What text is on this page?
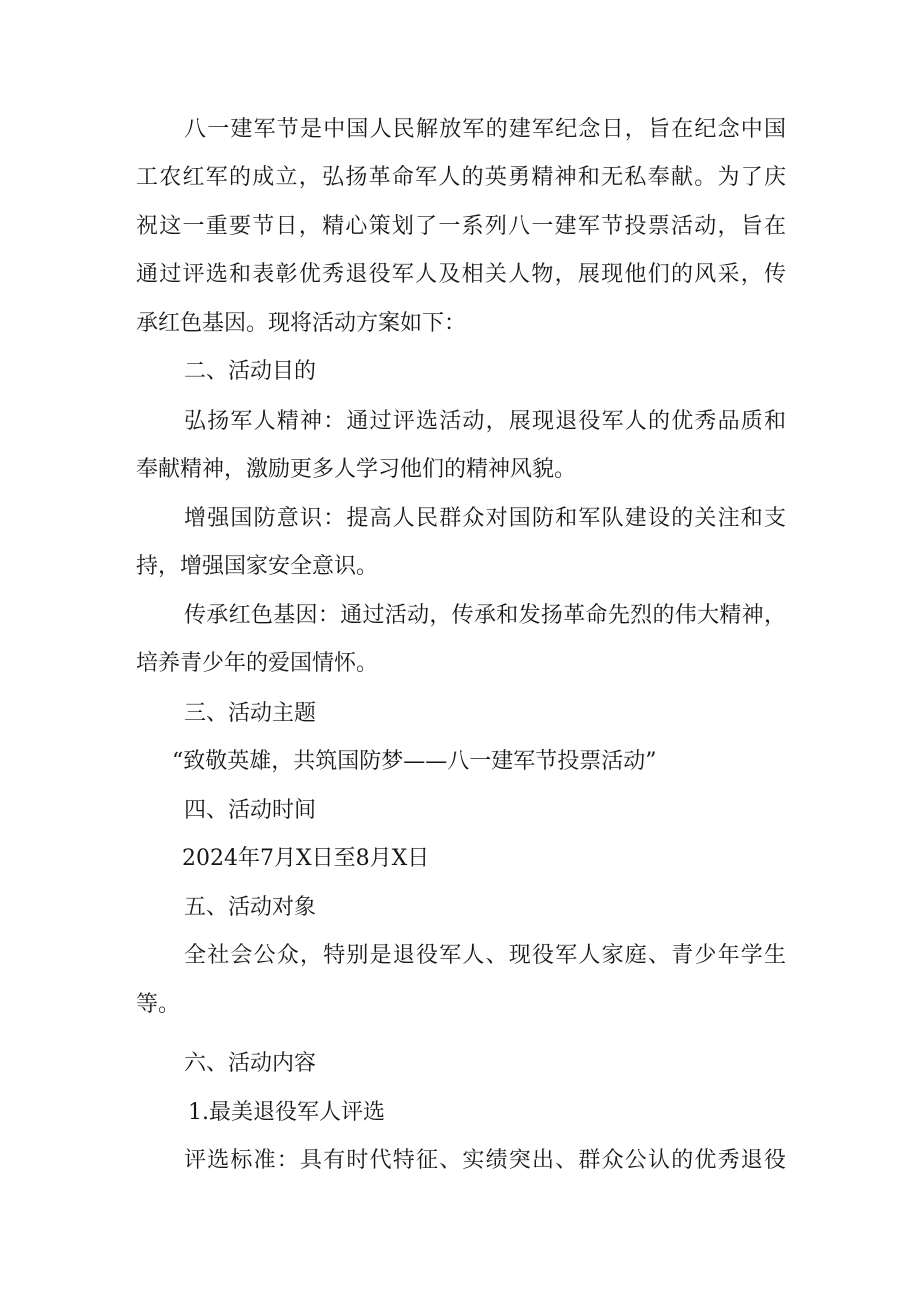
八一建军节是中国人民解放军的建军纪念日，旨在纪念中国

工农红军的成立，弘扬革命军人的英勇精神和无私奉献。为了庆

祝这一重要节日，精心策划了一系列八一建军节投票活动，旨在

通过评选和表彰优秀退役军人及相关人物，展现他们的风采，传

承红色基因。现将活动方案如下：

二、活动目的

弘扬军人精神：通过评选活动，展现退役军人的优秀品质和

奉献精神，激励更多人学习他们的精神风貌。

增强国防意识：提高人民群众对国防和军队建设的关注和支

持，增强国家安全意识。

传承红色基因：通过活动，传承和发扬革命先烈的伟大精神，

培养青少年的爱国情怀。

三、活动主题

“致敬英雄，共筑国防梦——八一建军节投票活动”

四、活动时间

2024年7月X日至8月X日

五、活动对象

全社会公众，特别是退役军人、现役军人家庭、青少年学生

等。

六、活动内容

1.最美退役军人评选

评选标准：具有时代特征、实绩突出、群众公认的优秀退役
